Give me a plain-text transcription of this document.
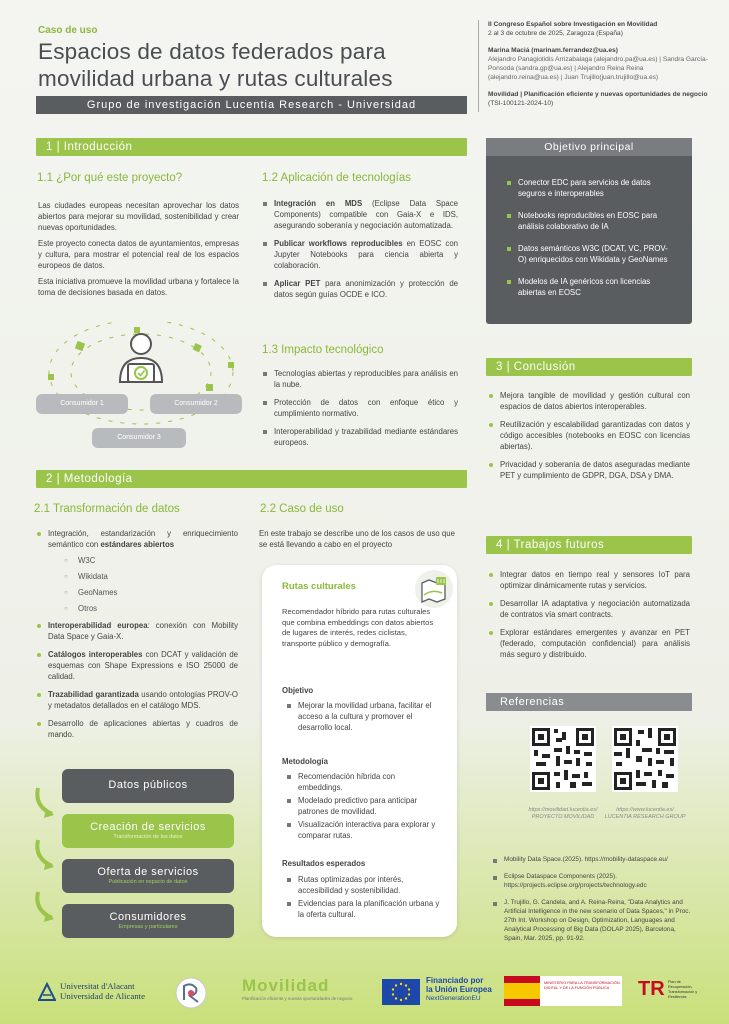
Caso de uso
Espacios de datos federados para movilidad urbana y rutas culturales
Grupo de investigación Lucentia Research - Universidad
II Congreso Español sobre Investigación en Movilidad
2 al 3 de octubre de 2025, Zaragoza (España)
Marina Maciá (marinam.ferrandez@ua.es)
Alejandro Panagiotidis Arrizabalaga (alejandro.pa@ua.es) | Sandra García-Ponsoda (sandra.gp@ua.es) | Alejandro Reina Reina (alejandro.reina@ua.es) | Juan Trujillo(juan.trujillo@ua.es)
Movilidad | Planificación eficiente y nuevas oportunidades de negocio (TSI-100121-2024-10)
1 | Introducción
1.1 ¿Por qué este proyecto?

Las ciudades europeas necesitan aprovechar los datos abiertos para mejorar su movilidad, sostenibilidad y crear nuevas oportunidades.

Este proyecto conecta datos de ayuntamientos, empresas y cultura, para mostrar el potencial real de los espacios europeos de datos.

Esta iniciativa promueve la movilidad urbana y fortalece la toma de decisiones basada en datos.

Consumidor 1	Consumidor 2
Consumidor 3
1.2 Aplicación de tecnologías
Integración en MDS (Eclipse Data Space Components) compatible con Gaia-X e IDS, asegurando soberanía y negociación automatizada.
Publicar workflows reproducibles en EOSC con Jupyter Notebooks para ciencia abierta y colaboración.
Aplicar PET para anonimización y protección de datos según guías OCDE e ICO.
1.3 Impacto tecnológico
Tecnologías abiertas y reproducibles para análisis en la nube.
Protección de datos con enfoque ético y cumplimiento normativo.
Interoperabilidad y trazabilidad mediante estándares europeos.
Objetivo principal
Conector EDC para servicios de datos seguros e interoperables
Notebooks reproducibles en EOSC para análisis colaborativo de IA
Datos semánticos W3C (DCAT, VC, PROV-O) enriquecidos con Wikidata y GeoNames
Modelos de IA genéricos con licencias abiertas en EOSC
3 | Conclusión
Mejora tangible de movilidad y gestión cultural con espacios de datos abiertos interoperables.
Reutilización y escalabilidad garantizadas con datos y código accesibles (notebooks en EOSC con licencias abiertas).
Privacidad y soberanía de datos aseguradas mediante PET y cumplimiento de GDPR, DGA, DSA y DMA.
2 | Metodología
2.1 Transformación de datos
Integración, estandarización y enriquecimiento semántico con estándares abiertos
○ W3C
○ Wikidata
○ GeoNames
○ Otros
Interoperabilidad europea: conexión con Mobility Data Space y Gaia-X.
Catálogos interoperables con DCAT y validación de esquemas con Shape Expressions e ISO 25000 de calidad.
Trazabilidad garantizada usando ontologías PROV-O y metadatos detallados en el catálogo MDS.
Desarrollo de aplicaciones abiertas y cuadros de mando.
Datos públicos
Creación de servicios
Transformación de los datos
Oferta de servicios
Publicación en espacio de datos
Consumidores
Empresas y particulares
2.2 Caso de uso
En este trabajo se describe uno de los casos de uso que se está llevando a cabo en el proyecto
Rutas culturales
Recomendador híbrido para rutas culturales que combina embeddings con datos abiertos de lugares de interés, redes ciclistas, transporte público y demografía.
Objetivo
Mejorar la movilidad urbana, facilitar el acceso a la cultura y promover el desarrollo local.
Metodología
Recomendación híbrida con embeddings.
Modelado predictivo para anticipar patrones de movilidad.
Visualización interactiva para explorar y comparar rutas.
Resultados esperados
Rutas optimizadas por interés, accesibilidad y sostenibilidad.
Evidencias para la planificación urbana y la oferta cultural.
4 | Trabajos futuros
Integrar datos en tiempo real y sensores IoT para optimizar dinámicamente rutas y servicios.
Desarrollar IA adaptativa y negociación automatizada de contratos vía smart contracts.
Explorar estándares emergentes y avanzar en PET (federado, computación confidencial) para análisis más seguro y distribuido.
Referencias
https://movilidad.lucentia.es/
PROYECTO MOVILIDAD
https://www.lucentia.es/
LUCENTIA RESEARCH GROUP
Mobility Data Space.(2025). https://mobility-dataspace.eu/
Eclipse Dataspace Components (2025). https://projects.eclipse.org/projects/technology.edc
J. Trujillo, G. Candela, and A. Reina-Reina, "Data Analytics and Artificial Intelligence in the new scenario of Data Spaces," in Proc. 27th Int. Workshop on Design, Optimization, Languages and Analytical Processing of Big Data (DOLAP 2025), Barcelona, Spain, Mar. 2025, pp. 91-92.
Universitat d'Alacant
Universidad de Alicante
Movilidad
Planificación eficiente y nuevas oportunidades de negocio
Financiado por
la Unión Europea
NextGenerationEU
MINISTERIO PARA LA TRANSFORMACIÓN DIGITAL Y DE LA FUNCIÓN PÚBLICA	TR Plan de Recuperación, Transformación y Resiliencia
